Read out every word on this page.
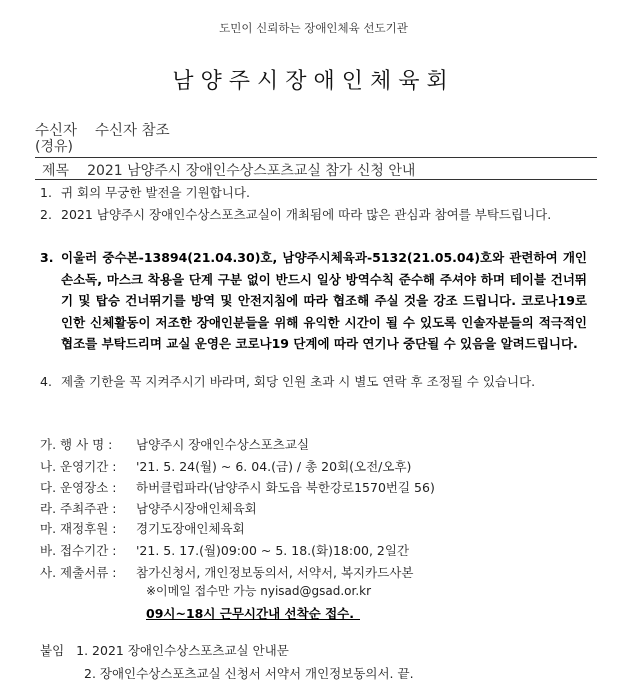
도민이 신뢰하는 장애인체육 선도기관
남양주시장애인체육회
수신자 수신자 참조
(경유)
제목 2021 남양주시 장애인수상스포츠교실 참가 신청 안내
1. 귀 회의 무궁한 발전을 기원합니다.
2. 2021 남양주시 장애인수상스포츠교실이 개최됨에 따라 많은 관심과 참여를 부탁드립니다.
3. 이울러 중수본-13894(21.04.30)호, 남양주시체육과-5132(21.05.04)호와 관련하여 개인 손소독, 마스크 착용을 단계 구분 없이 반드시 일상 방역수칙 준수해 주셔야 하며 테이블 건너뛰기 및 탑승 건너뛰기를 방역 및 안전지침에 따라 협조해 주실 것을 강조 드립니다. 코로나19로 인한 신체활동이 저조한 장애인분들을 위해 유익한 시간이 될 수 있도록 인솔자분들의 적극적인 협조를 부탁드리며 교실 운영은 코로나19 단계에 따라 연기나 중단될 수 있음을 알려드립니다.
4. 제출 기한을 꼭 지켜주시기 바라며, 회당 인원 초과 시 별도 연락 후 조정될 수 있습니다.
가. 행 사 명 : 남양주시 장애인수상스포츠교실
나. 운영기간 : '21. 5. 24(월) ~ 6. 04.(금) / 총 20회(오전/오후)
다. 운영장소 : 하버클럽파라(남양주시 화도읍 북한강로1570번길 56)
라. 주최주관 : 남양주시장애인체육회
마. 재정후원 : 경기도장애인체육회
바. 접수기간 : '21. 5. 17.(월)09:00 ~ 5. 18.(화)18:00, 2일간
사. 제출서류 : 참가신청서, 개인정보동의서, 서약서, 복지카드사본
※이메일 접수만 가능 nyisad@gsad.or.kr
09시~18시 근무시간내 선착순 접수.
붙임 1. 2021 장애인수상스포츠교실 안내문
2. 장애인수상스포츠교실 신청서 서약서 개인정보동의서. 끝.
